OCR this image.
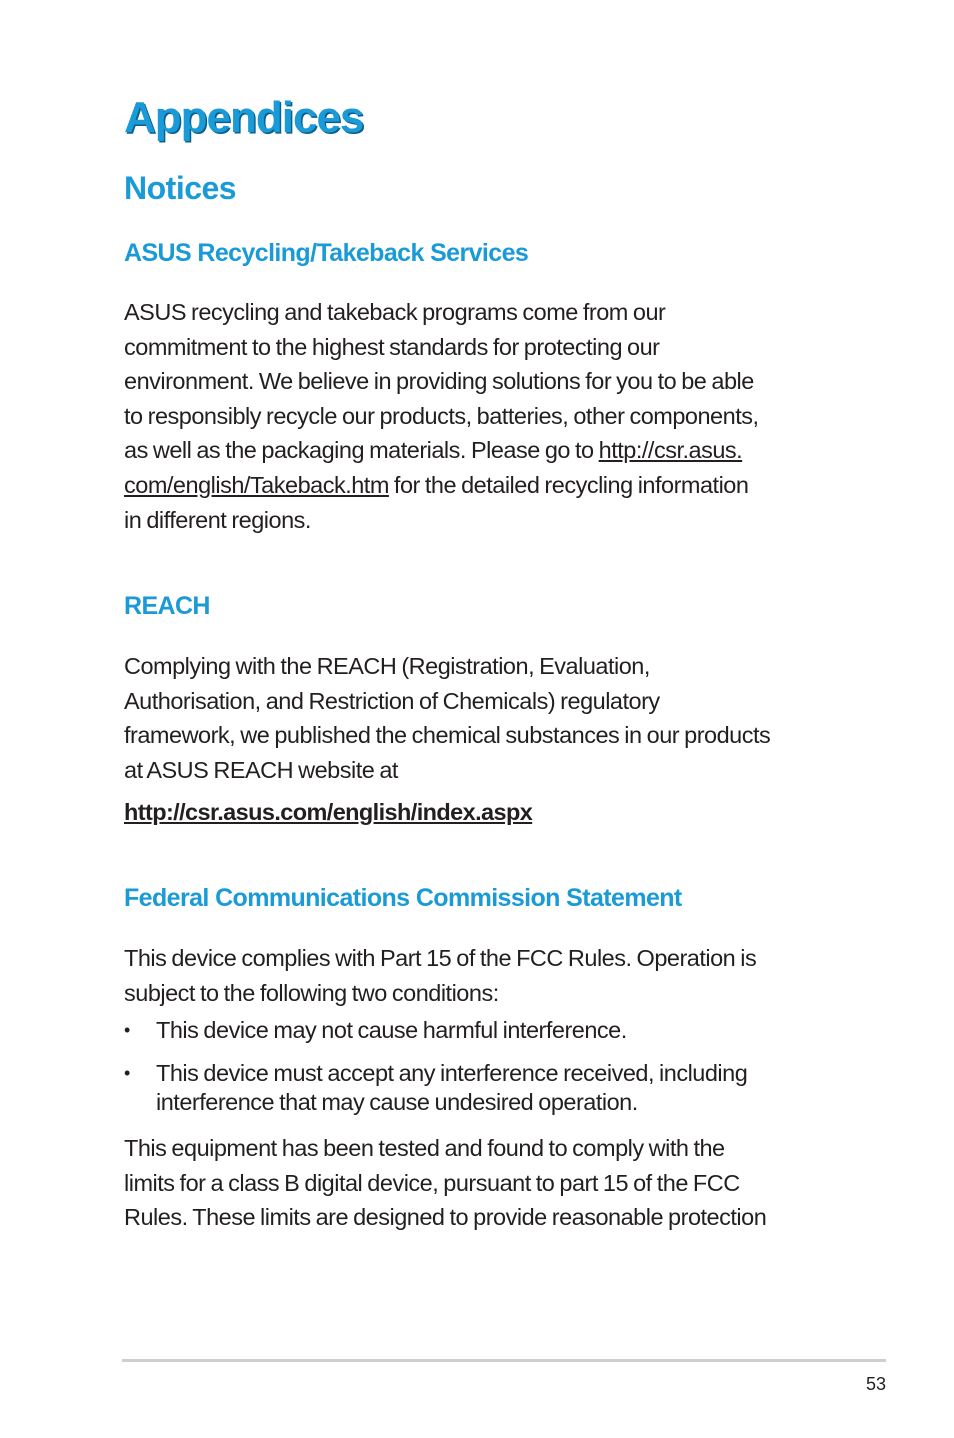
Appendices
Notices
ASUS Recycling/Takeback Services

ASUS recycling and takeback programs come from our
commitment to the highest standards for protecting our
environment. We believe in providing solutions for you to be able
to responsibly recycle our products, batteries, other components,
as well as the packaging materials. Please go to http://csr.asus.
com/english/Takeback.htm for the detailed recycling information
in different regions.

REACH

Complying with the REACH (Registration, Evaluation,
Authorisation, and Restriction of Chemicals) regulatory
framework, we published the chemical substances in our products
at ASUS REACH website at

http://csr.asus.com/english/index.aspx
Federal Communications Commission Statement

This device complies with Part 15 of the FCC Rules. Operation is
subject to the following two conditions:

• This device may not cause harmful interference.
• This device must accept any interference received, including
interference that may cause undesired operation.

This equipment has been tested and found to comply with the
limits for a class B digital device, pursuant to part 15 of the FCC
Rules. These limits are designed to provide reasonable protection

53
